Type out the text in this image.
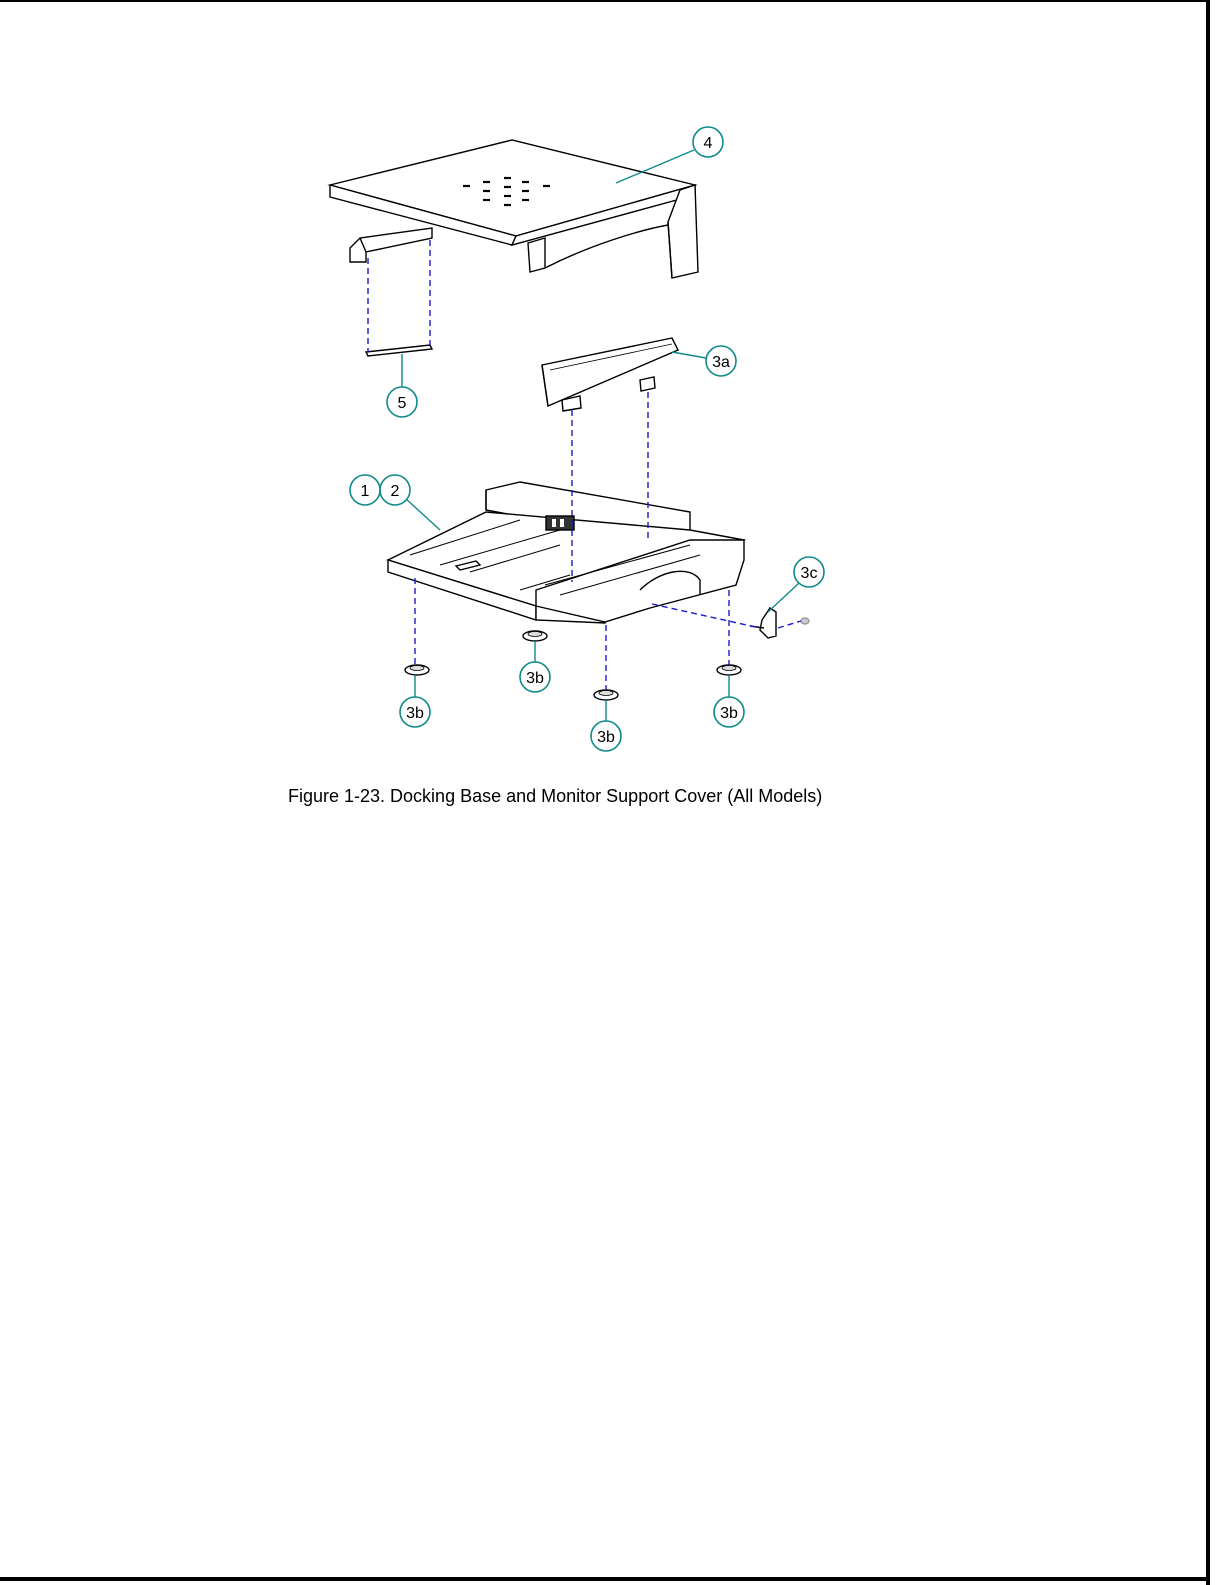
4
5
3a
1 2
3c
3b
3b
3b
3b
Figure 1-23. Docking Base and Monitor Support Cover (All Models)
